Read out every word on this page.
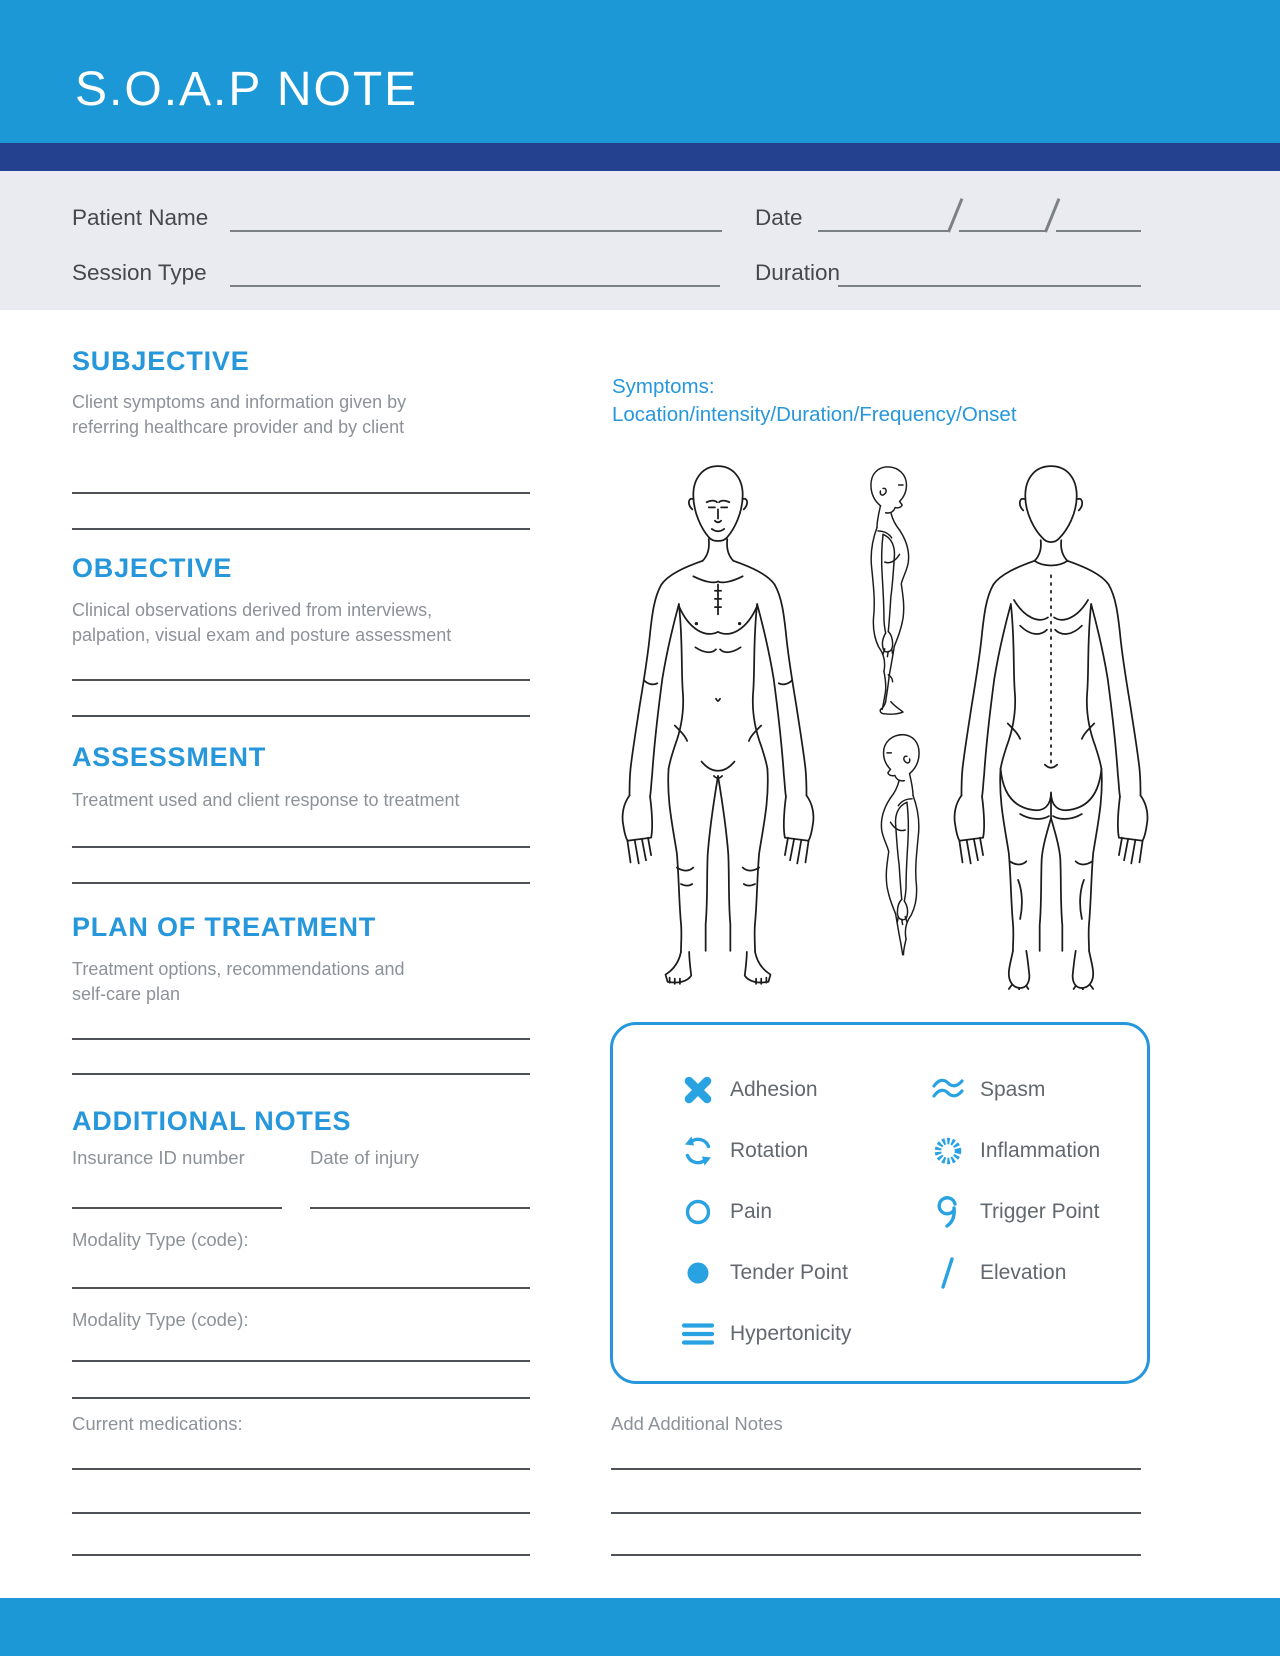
S.O.A.P NOTE
Patient Name	Date
Session Type	Duration
SUBJECTIVE
Client symptoms and information given by
referring healthcare provider and by client
OBJECTIVE
Clinical observations derived from interviews,
palpation, visual exam and posture assessment
ASSESSMENT
Treatment used and client response to treatment
PLAN OF TREATMENT
Treatment options, recommendations and
self-care plan
ADDITIONAL NOTES
Insurance ID number	Date of injury
Modality Type (code):
Modality Type (code):
Current medications:
Symptoms:
Location/intensity/Duration/Frequency/Onset
Adhesion	Spasm
Rotation	Inflammation
Pain	Trigger Point
Tender Point	Elevation
Hypertonicity
Add Additional Notes
